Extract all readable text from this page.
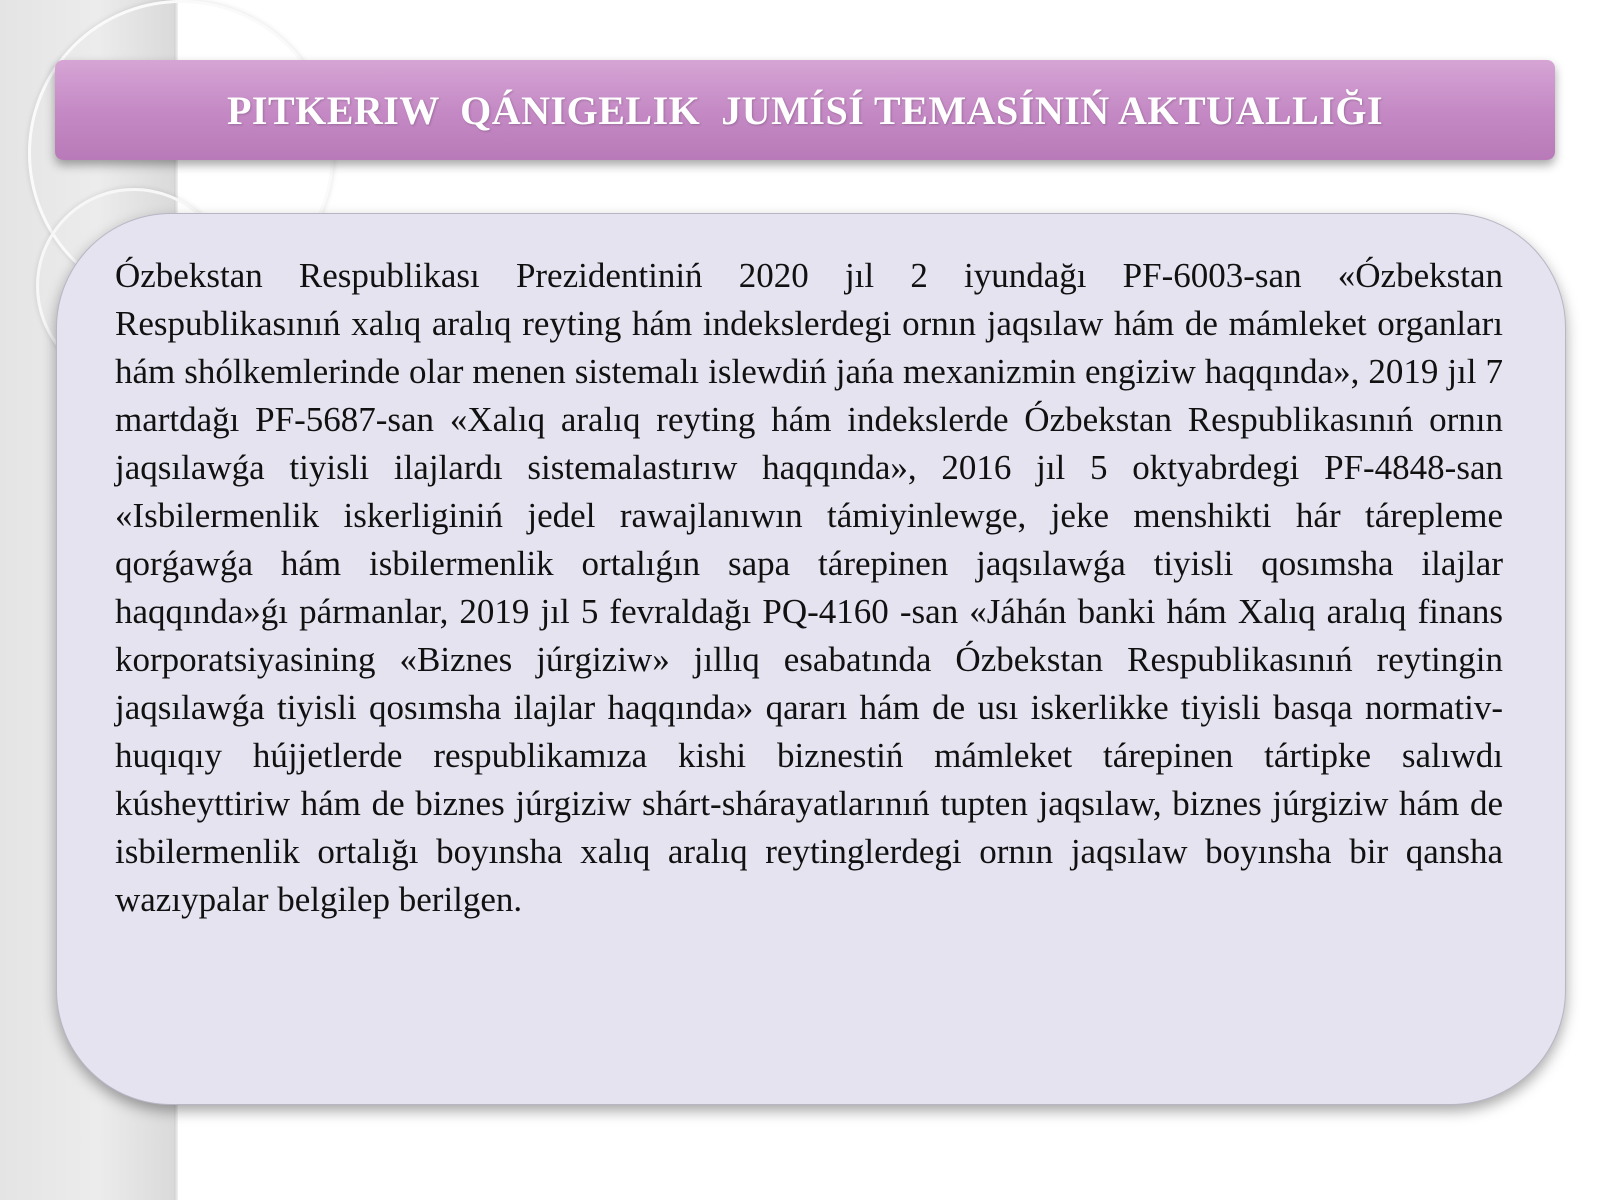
PITKERIW  QÁNIGELIK  JUMÍSÍ TEMASÍNIŃ AKTUALLIĞI

Ózbekstan Respublikası Prezidentiniń 2020 jıl 2 iyundağı PF-6003-san «Ózbekstan Respublikasınıń xalıq aralıq reyting hám indekslerdegi ornın jaqsılaw hám de mámleket organları hám shólkemlerinde olar menen sistemalı islewdiń jańa mexanizmin engiziw haqqında», 2019 jıl 7 martdağı PF-5687-san «Xalıq aralıq reyting hám indekslerde Ózbekstan Respublikasınıń ornın jaqsılawǵa tiyisli ilajlardı sistemalastırıw haqqında», 2016 jıl 5 oktyabrdegi PF-4848-san «Isbilermenlik iskerliginiń jedel rawajlanıwın támiyinlewge, jeke menshikti hár tárepleme qorǵawǵa hám isbilermenlik ortalıǵın sapa tárepinen jaqsılawǵa tiyisli qosımsha ilajlar haqqında»ǵı pármanlar, 2019 jıl 5 fevraldağı PQ-4160 -san «Jáhán banki hám Xalıq aralıq finans korporatsiyasining «Biznes júrgiziw» jıllıq esabatında Ózbekstan Respublikasınıń reytingin jaqsılawǵa tiyisli qosımsha ilajlar haqqında» qararı hám de usı iskerlikke tiyisli basqa normativ-huqıqıy hújjetlerde respublikamıza kishi biznestiń mámleket tárepinen tártipke salıwdı kúsheyttiriw hám de biznes júrgiziw shárt-shárayatlarınıń tupten jaqsılaw, biznes júrgiziw hám de isbilermenlik ortalığı boyınsha xalıq aralıq reytinglerdegi ornın jaqsılaw boyınsha bir qansha wazıypalar belgilep berilgen.
